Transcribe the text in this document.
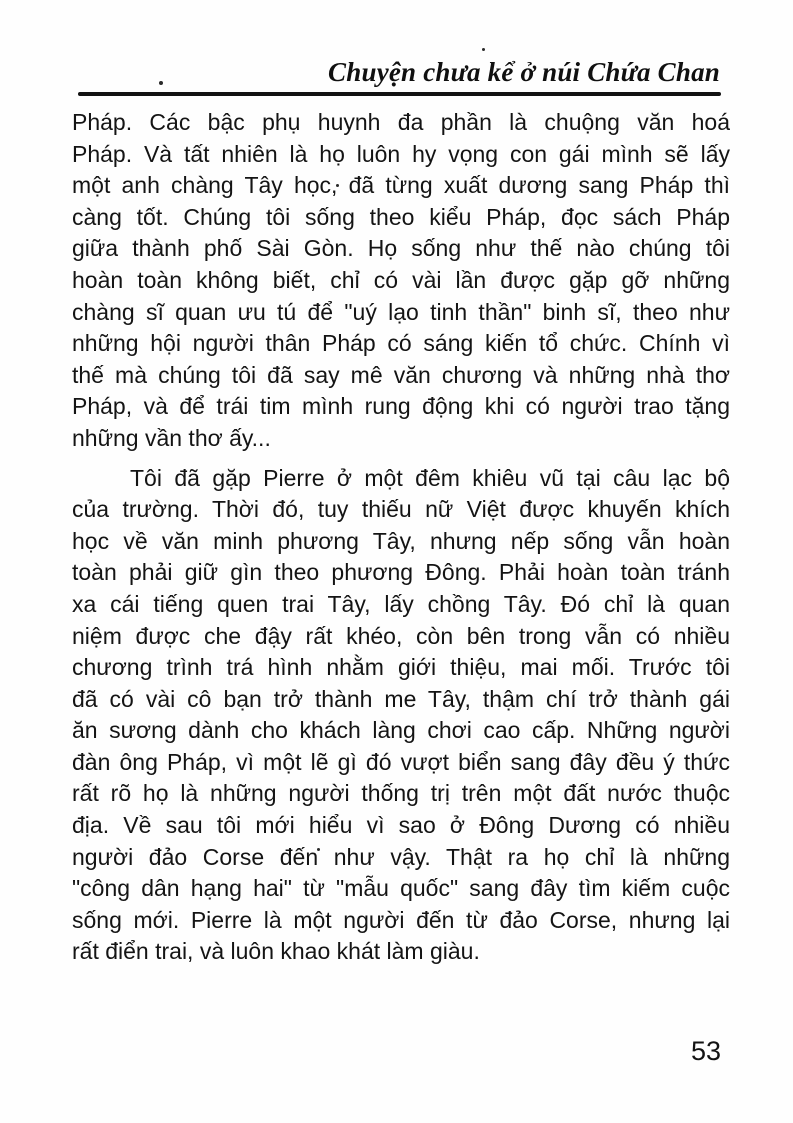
Chuyện chưa kể ở núi Chứa Chan
Pháp. Các bậc phụ huynh đa phần là chuộng văn hoá
Pháp. Và tất nhiên là họ luôn hy vọng con gái mình sẽ lấy
một anh chàng Tây học, đã từng xuất dương sang Pháp thì
càng tốt. Chúng tôi sống theo kiểu Pháp, đọc sách Pháp
giữa thành phố Sài Gòn. Họ sống như thế nào chúng tôi
hoàn toàn không biết, chỉ có vài lần được gặp gỡ những
chàng sĩ quan ưu tú để "uý lạo tinh thần" binh sĩ, theo như
những hội người thân Pháp có sáng kiến tổ chức. Chính vì
thế mà chúng tôi đã say mê văn chương và những nhà thơ
Pháp, và để trái tim mình rung động khi có người trao tặng
những vần thơ ấy...
Tôi đã gặp Pierre ở một đêm khiêu vũ tại câu lạc bộ
của trường. Thời đó, tuy thiếu nữ Việt được khuyến khích
học về văn minh phương Tây, nhưng nếp sống vẫn hoàn
toàn phải giữ gìn theo phương Đông. Phải hoàn toàn tránh
xa cái tiếng quen trai Tây, lấy chồng Tây. Đó chỉ là quan
niệm được che đậy rất khéo, còn bên trong vẫn có nhiều
chương trình trá hình nhằm giới thiệu, mai mối. Trước tôi
đã có vài cô bạn trở thành me Tây, thậm chí trở thành gái
ăn sương dành cho khách làng chơi cao cấp. Những người
đàn ông Pháp, vì một lẽ gì đó vượt biển sang đây đều ý thức
rất rõ họ là những người thống trị trên một đất nước thuộc
địa. Về sau tôi mới hiểu vì sao ở Đông Dương có nhiều
người đảo Corse đến như vậy. Thật ra họ chỉ là những
"công dân hạng hai" từ "mẫu quốc" sang đây tìm kiếm cuộc
sống mới. Pierre là một người đến từ đảo Corse, nhưng lại
rất điển trai, và luôn khao khát làm giàu.
53
